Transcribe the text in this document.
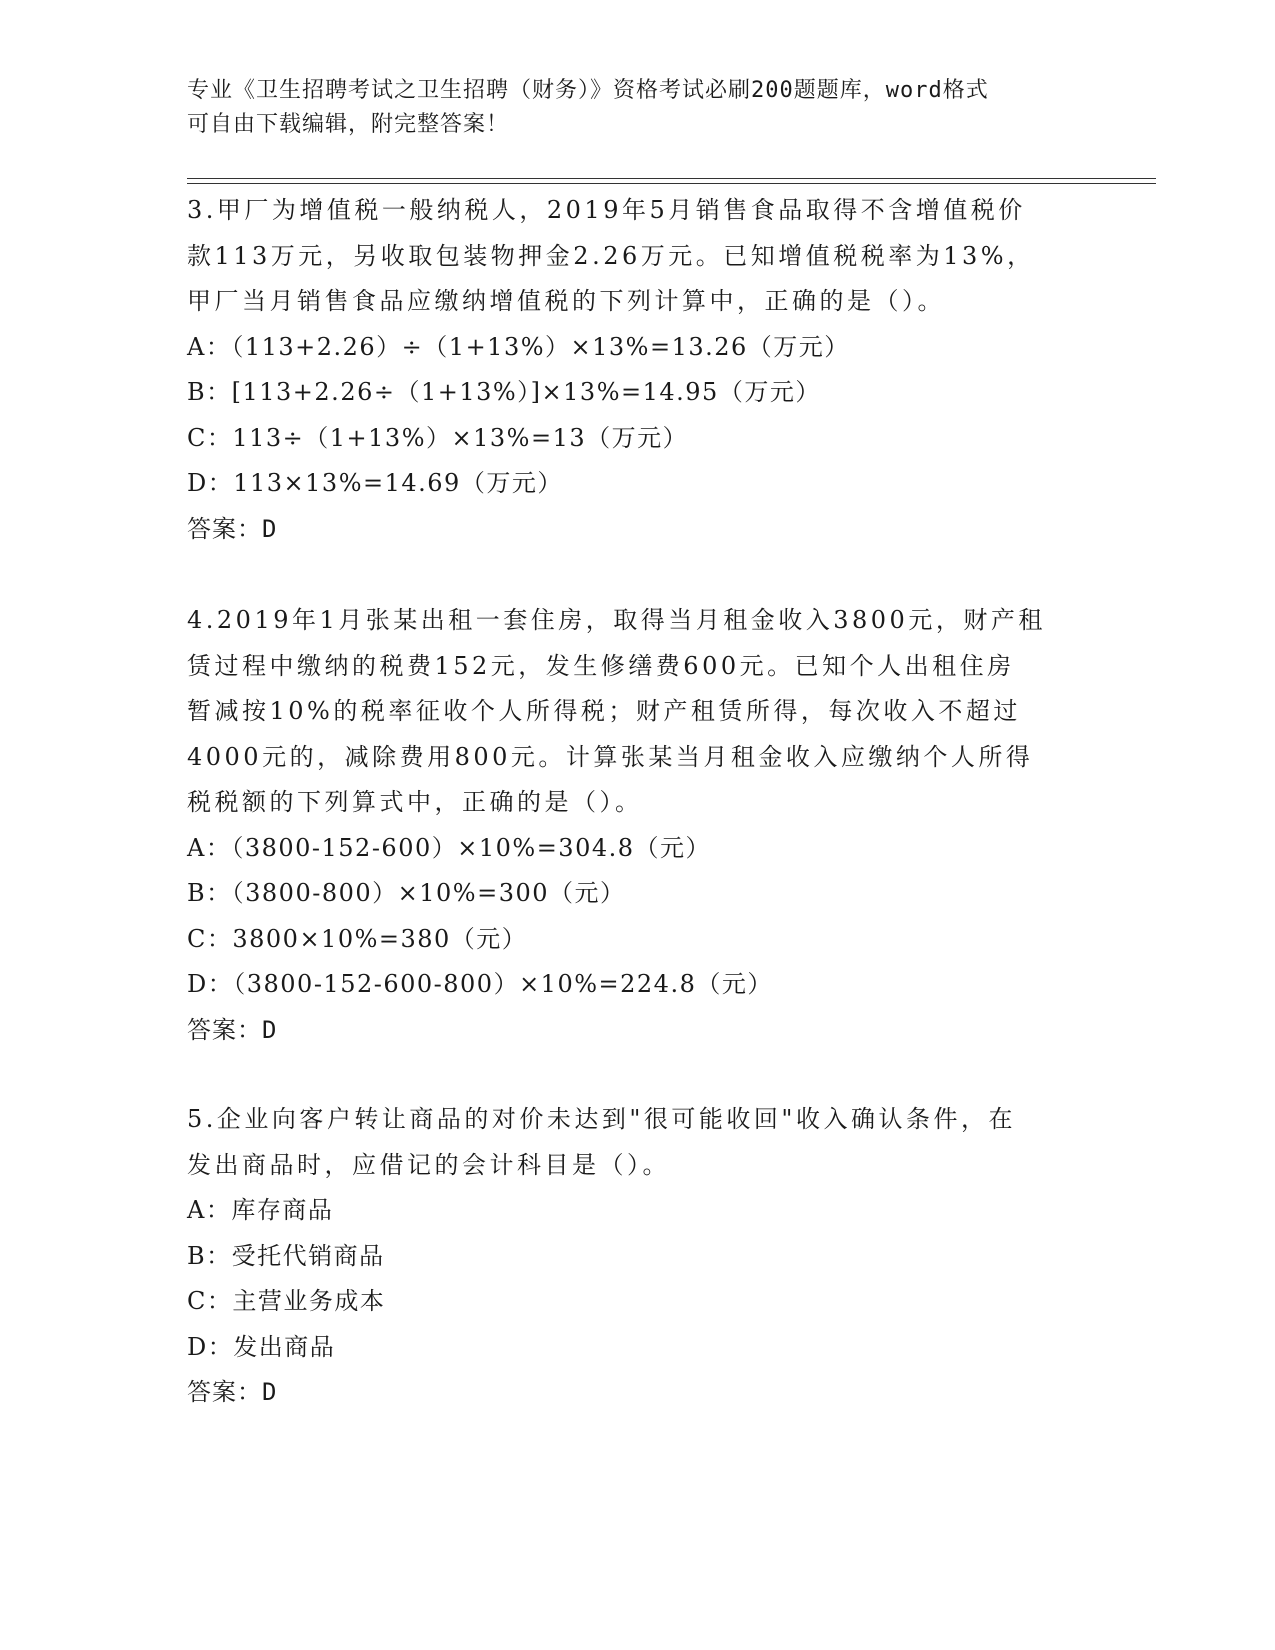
专业《卫生招聘考试之卫生招聘（财务）》资格考试必刷200题题库，word格式
可自由下载编辑，附完整答案！

3.甲厂为增值税一般纳税人，2019年5月销售食品取得不含增值税价

款113万元，另收取包装物押金2.26万元。已知增值税税率为13%，

甲厂当月销售食品应缴纳增值税的下列计算中，正确的是（）。

A：（113+2.26）÷（1+13%）×13%=13.26（万元）

B：[113+2.26÷（1+13%）]×13%=14.95（万元）

C：113÷（1+13%）×13%=13（万元）

D：113×13%=14.69（万元）

答案：D

4.2019年1月张某出租一套住房，取得当月租金收入3800元，财产租

赁过程中缴纳的税费152元，发生修缮费600元。已知个人出租住房

暂减按10%的税率征收个人所得税；财产租赁所得，每次收入不超过

4000元的，减除费用800元。计算张某当月租金收入应缴纳个人所得

税税额的下列算式中，正确的是（）。

A：（3800-152-600）×10%=304.8（元）

B：（3800-800）×10%=300（元）

C：3800×10%=380（元）

D：（3800-152-600-800）×10%=224.8（元）

答案：D

5.企业向客户转让商品的对价未达到"很可能收回"收入确认条件，在

发出商品时，应借记的会计科目是（）。

A：库存商品

B：受托代销商品

C：主营业务成本

D：发出商品

答案：D
